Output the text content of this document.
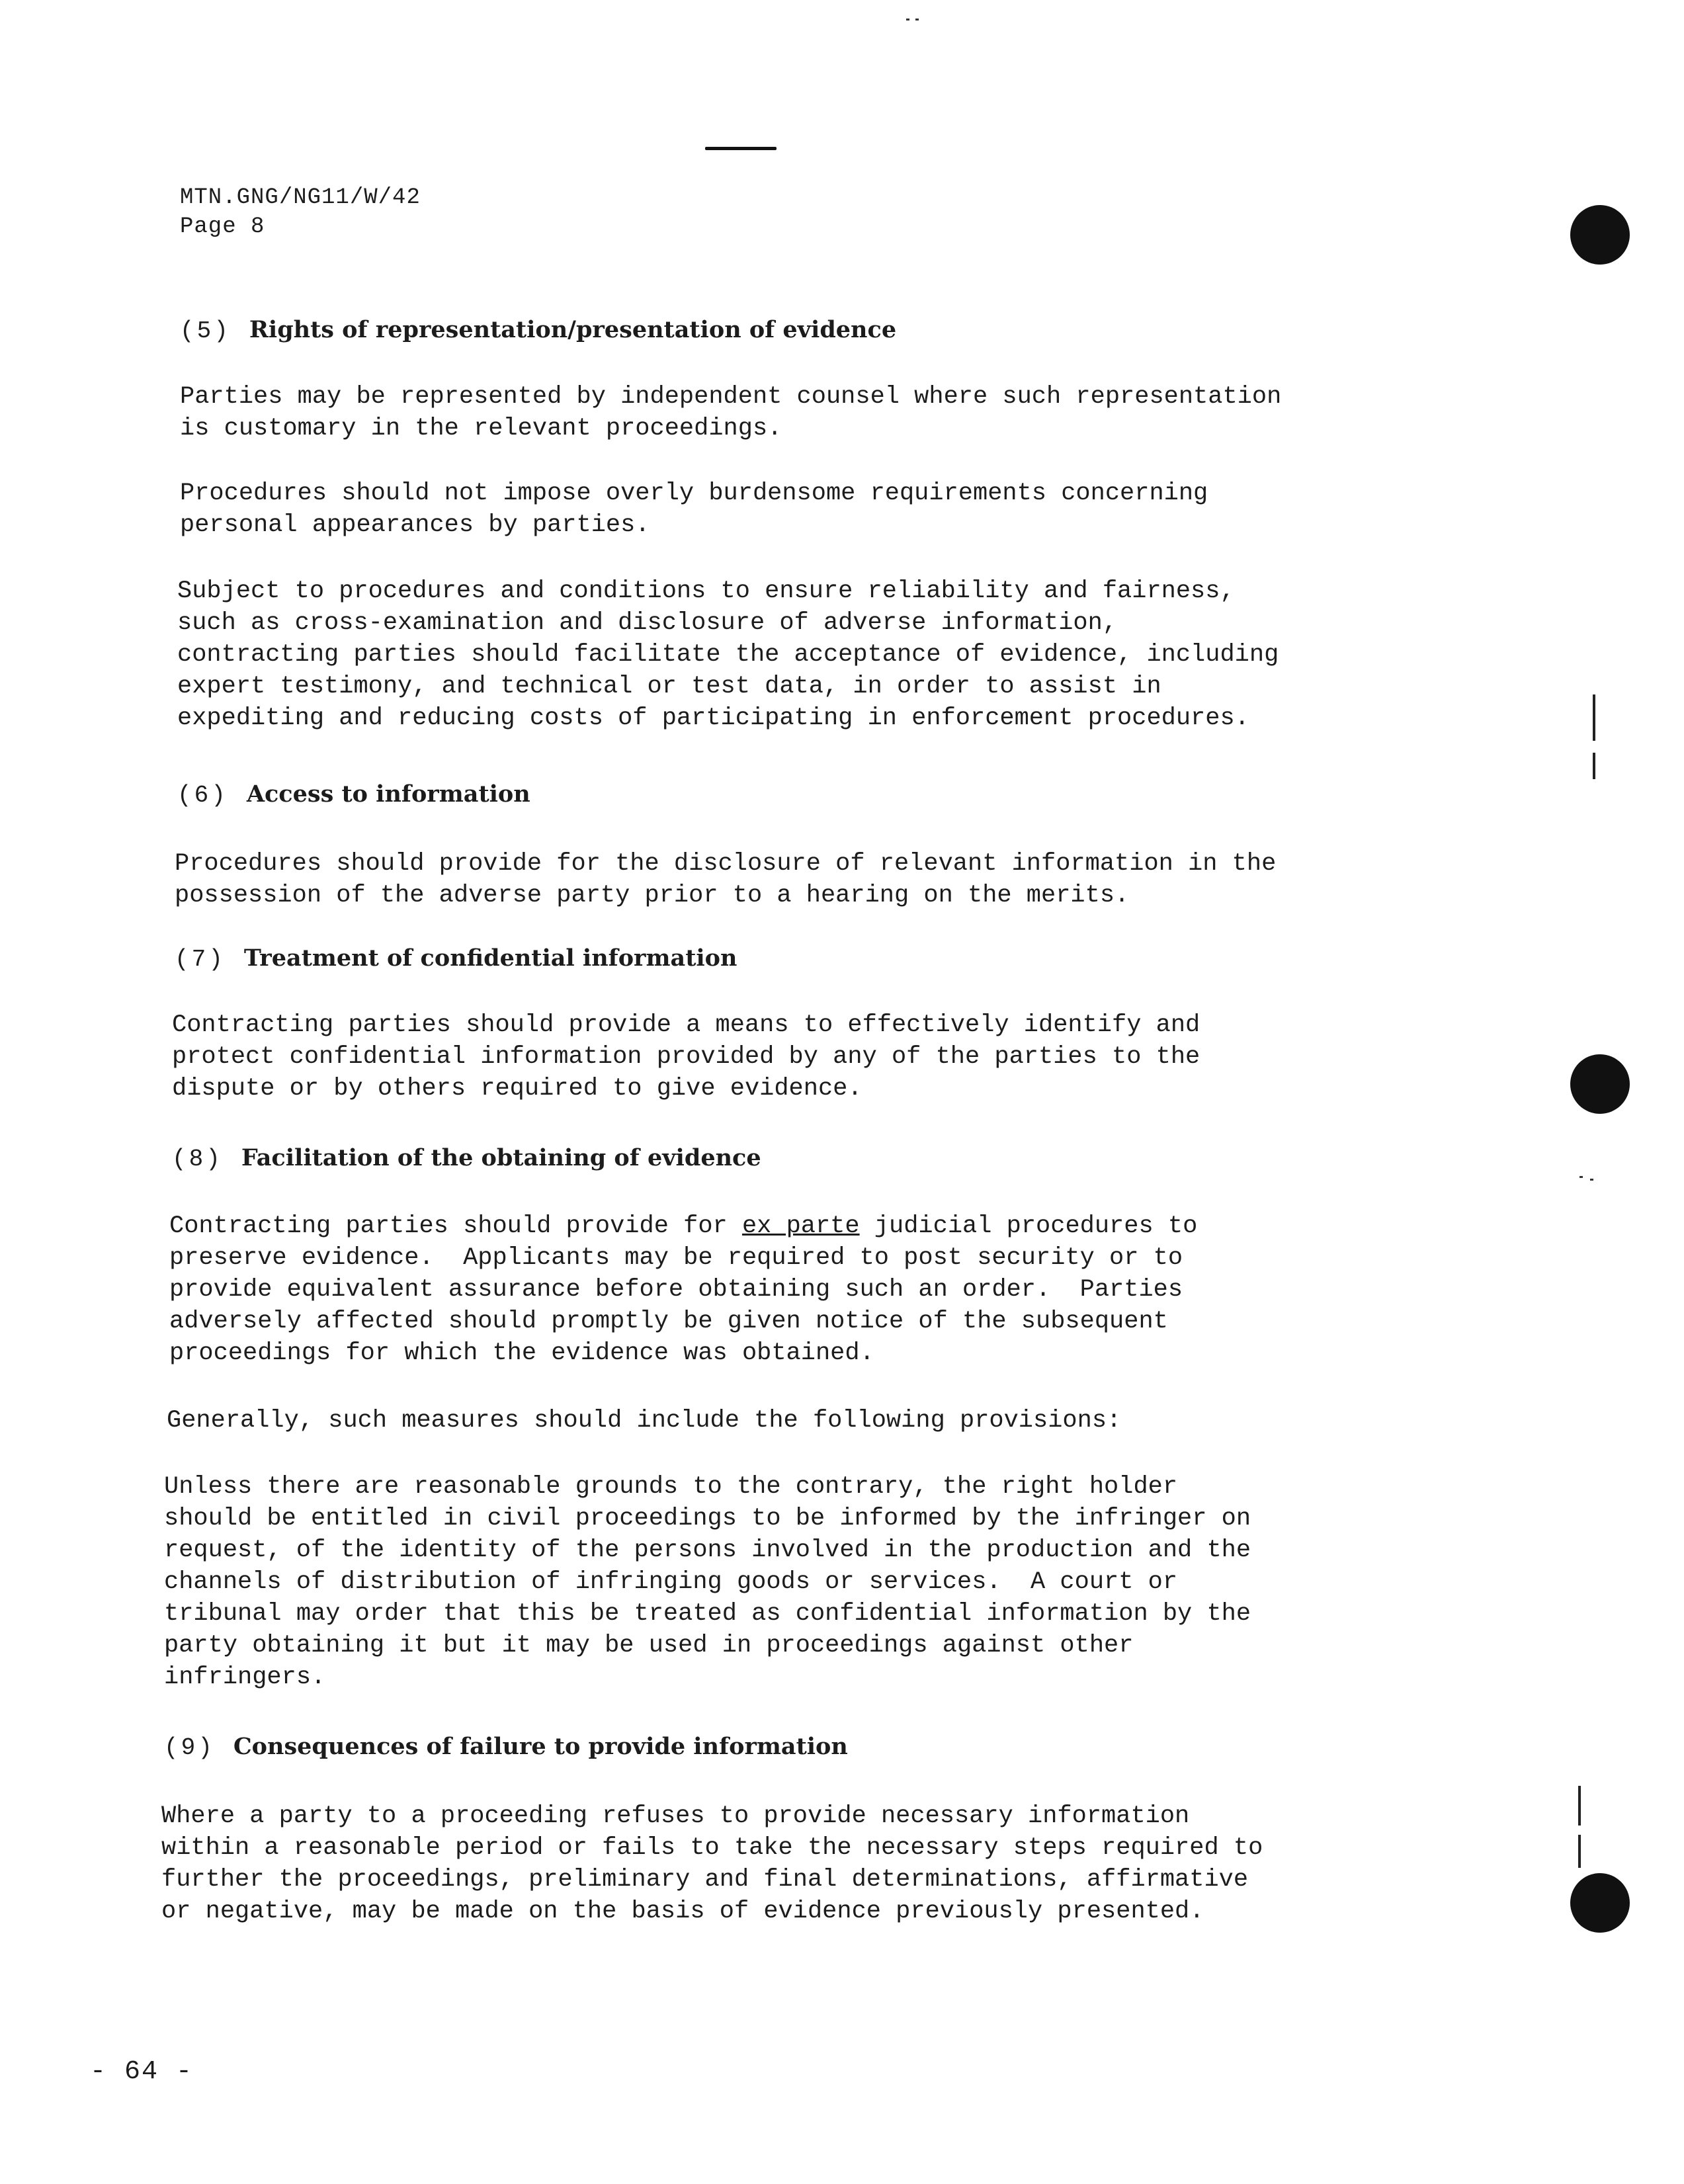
MTN.GNG/NG11/W/42
Page 8
(5) Rights of representation/presentation of evidence
Parties may be represented by independent counsel where such representation
is customary in the relevant proceedings.
Procedures should not impose overly burdensome requirements concerning
personal appearances by parties.
Subject to procedures and conditions to ensure reliability and fairness,
such as cross-examination and disclosure of adverse information,
contracting parties should facilitate the acceptance of evidence, including
expert testimony, and technical or test data, in order to assist in
expediting and reducing costs of participating in enforcement procedures.
(6) Access to information
Procedures should provide for the disclosure of relevant information in the
possession of the adverse party prior to a hearing on the merits.
(7) Treatment of confidential information
Contracting parties should provide a means to effectively identify and
protect confidential information provided by any of the parties to the
dispute or by others required to give evidence.
(8) Facilitation of the obtaining of evidence
Contracting parties should provide for ex parte judicial procedures to
preserve evidence.  Applicants may be required to post security or to
provide equivalent assurance before obtaining such an order.  Parties
adversely affected should promptly be given notice of the subsequent
proceedings for which the evidence was obtained.
Generally, such measures should include the following provisions:
Unless there are reasonable grounds to the contrary, the right holder
should be entitled in civil proceedings to be informed by the infringer on
request, of the identity of the persons involved in the production and the
channels of distribution of infringing goods or services.  A court or
tribunal may order that this be treated as confidential information by the
party obtaining it but it may be used in proceedings against other
infringers.
(9) Consequences of failure to provide information
Where a party to a proceeding refuses to provide necessary information
within a reasonable period or fails to take the necessary steps required to
further the proceedings, preliminary and final determinations, affirmative
or negative, may be made on the basis of evidence previously presented.
- 64 -
